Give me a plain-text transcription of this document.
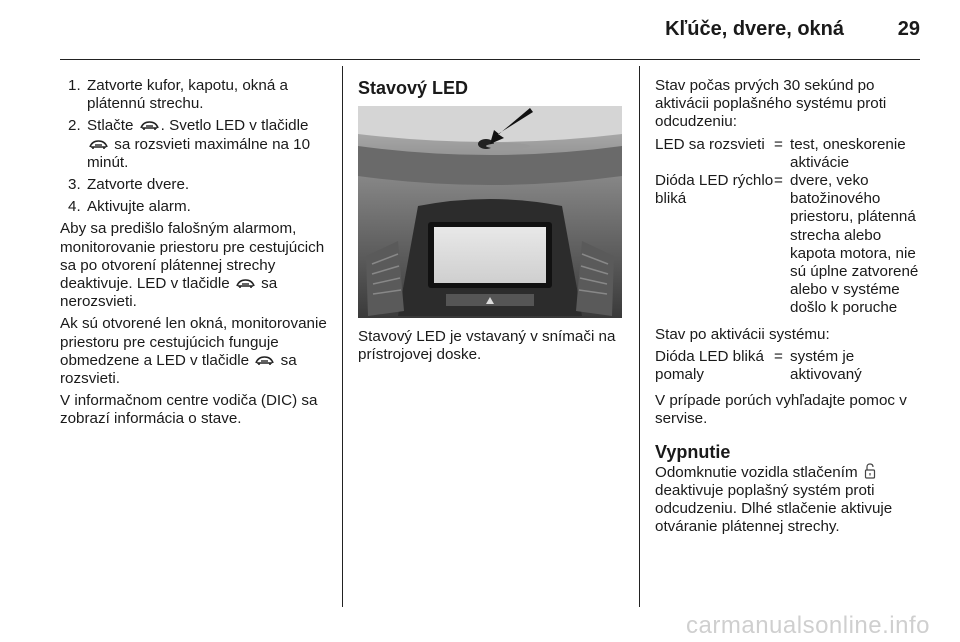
Kľúče, dvere, okná	29
1. Zatvorte kufor, kapotu, okná a plátennú strechu.
2. Stlačte . Svetlo LED v tlačidle  sa rozsvieti maximálne na 10 minút.
3. Zatvorte dvere.
4. Aktivujte alarm.

Aby sa predišlo falošným alarmom, monitorovanie priestoru pre cestujúcich sa po otvorení plátennej strechy deaktivuje. LED v tlačidle sa nerozsvieti.

Ak sú otvorené len okná, monitorovanie priestoru pre cestujúcich funguje obmedzene a LED v tlačidle sa rozsvieti.

V informačnom centre vodiča (DIC) sa zobrazí informácia o stave.

Stavový LED

Stavový LED je vstavaný v snímači na prístrojovej doske.

Stav počas prvých 30 sekúnd po aktivácii poplašného systému proti odcudzeniu:

LED sa rozsvieti = test, oneskorenie aktivácie
Dióda LED rýchlo bliká
= dvere, veko batožinového priestoru, plátenná strecha alebo kapota motora, nie sú úplne zatvorené alebo v systéme došlo k poruche

Stav po aktivácii systému:

Dióda LED bliká pomaly
= systém je aktivovaný

V prípade porúch vyhľadajte pomoc v servise.

Vypnutie

Odomknutie vozidla stlačením  deaktivuje poplašný systém proti odcudzeniu. Dlhé stlačenie aktivuje otváranie plátennej strechy.

carmanualsonline.info
